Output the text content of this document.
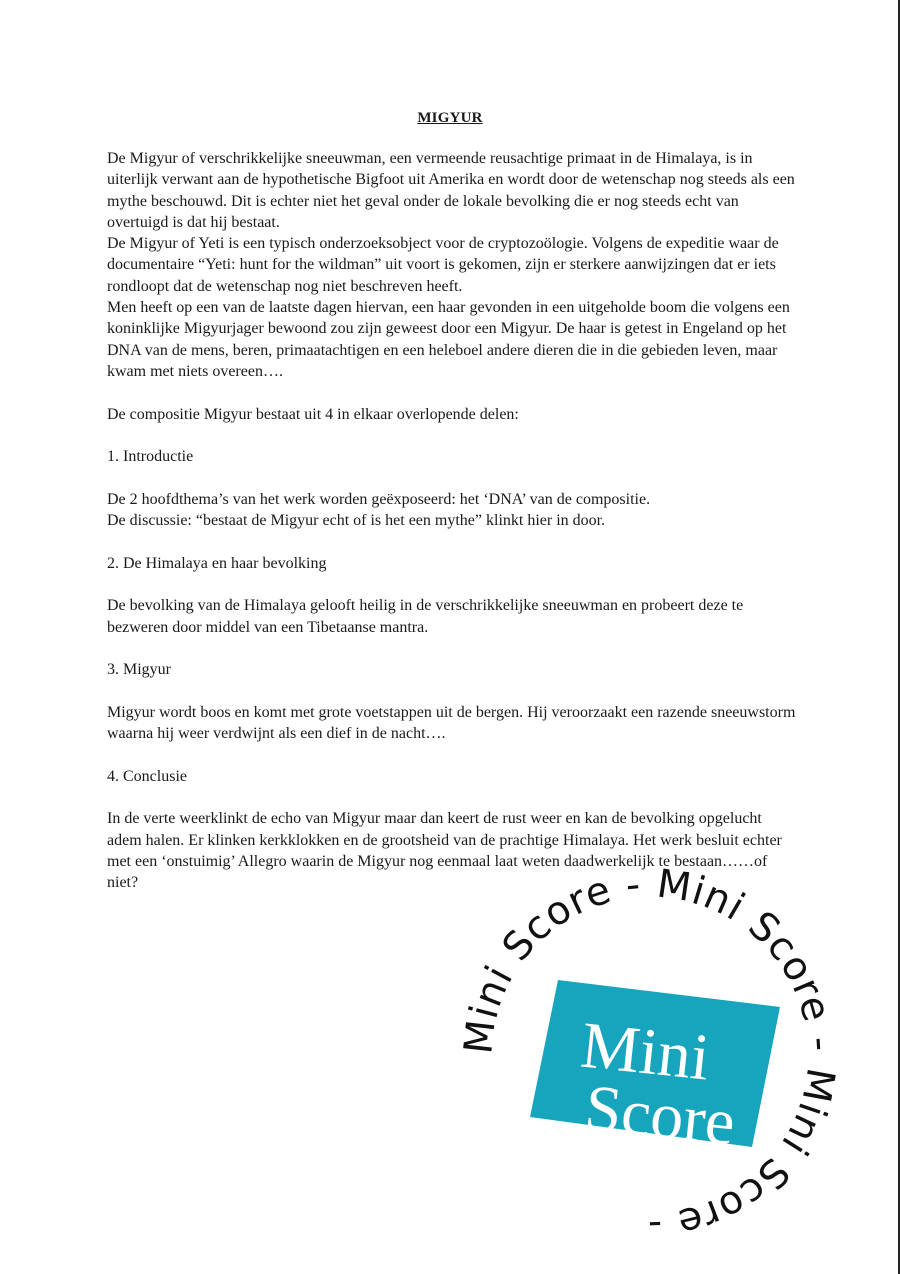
MIGYUR

De Migyur of verschrikkelijke sneeuwman, een vermeende reusachtige primaat in de Himalaya, is in uiterlijk verwant aan de hypothetische Bigfoot uit Amerika en wordt door de wetenschap nog steeds als een mythe beschouwd. Dit is echter niet het geval onder de lokale bevolking die er nog steeds echt van overtuigd is dat hij bestaat.

De Migyur of Yeti is een typisch onderzoeksobject voor de cryptozoölogie. Volgens de expeditie waar de documentaire “Yeti: hunt for the wildman” uit voort is gekomen, zijn er sterkere aanwijzingen dat er iets rondloopt dat de wetenschap nog niet beschreven heeft.

Men heeft op een van de laatste dagen hiervan, een haar gevonden in een uitgeholde boom die volgens een koninklijke Migyurjager bewoond zou zijn geweest door een Migyur. De haar is getest in Engeland op het DNA van de mens, beren, primaatachtigen en een heleboel andere dieren die in die gebieden leven, maar kwam met niets overeen….

De compositie Migyur bestaat uit 4 in elkaar overlopende delen:

1. Introductie

De 2 hoofdthema’s van het werk worden geëxposeerd: het ‘DNA’ van de compositie.

De discussie: “bestaat de Migyur echt of is het een mythe” klinkt hier in door.

2. De Himalaya en haar bevolking

De bevolking van de Himalaya gelooft heilig in de verschrikkelijke sneeuwman en probeert deze te bezweren door middel van een Tibetaanse mantra.

3. Migyur

Migyur wordt boos en komt met grote voetstappen uit de bergen. Hij veroorzaakt een razende sneeuwstorm waarna hij weer verdwijnt als een dief in de nacht….

4. Conclusie

In de verte weerklinkt de echo van Migyur maar dan keert de rust weer en kan de bevolking opgelucht adem halen. Er klinken kerkklokken en de grootsheid van de prachtige Himalaya. Het werk besluit echter met een ‘onstuimig’ Allegro waarin de Migyur nog eenmaal laat weten daadwerkelijk te bestaan……of niet?

Mini Score - Mini Score - Mini Score -
Mini
Score
